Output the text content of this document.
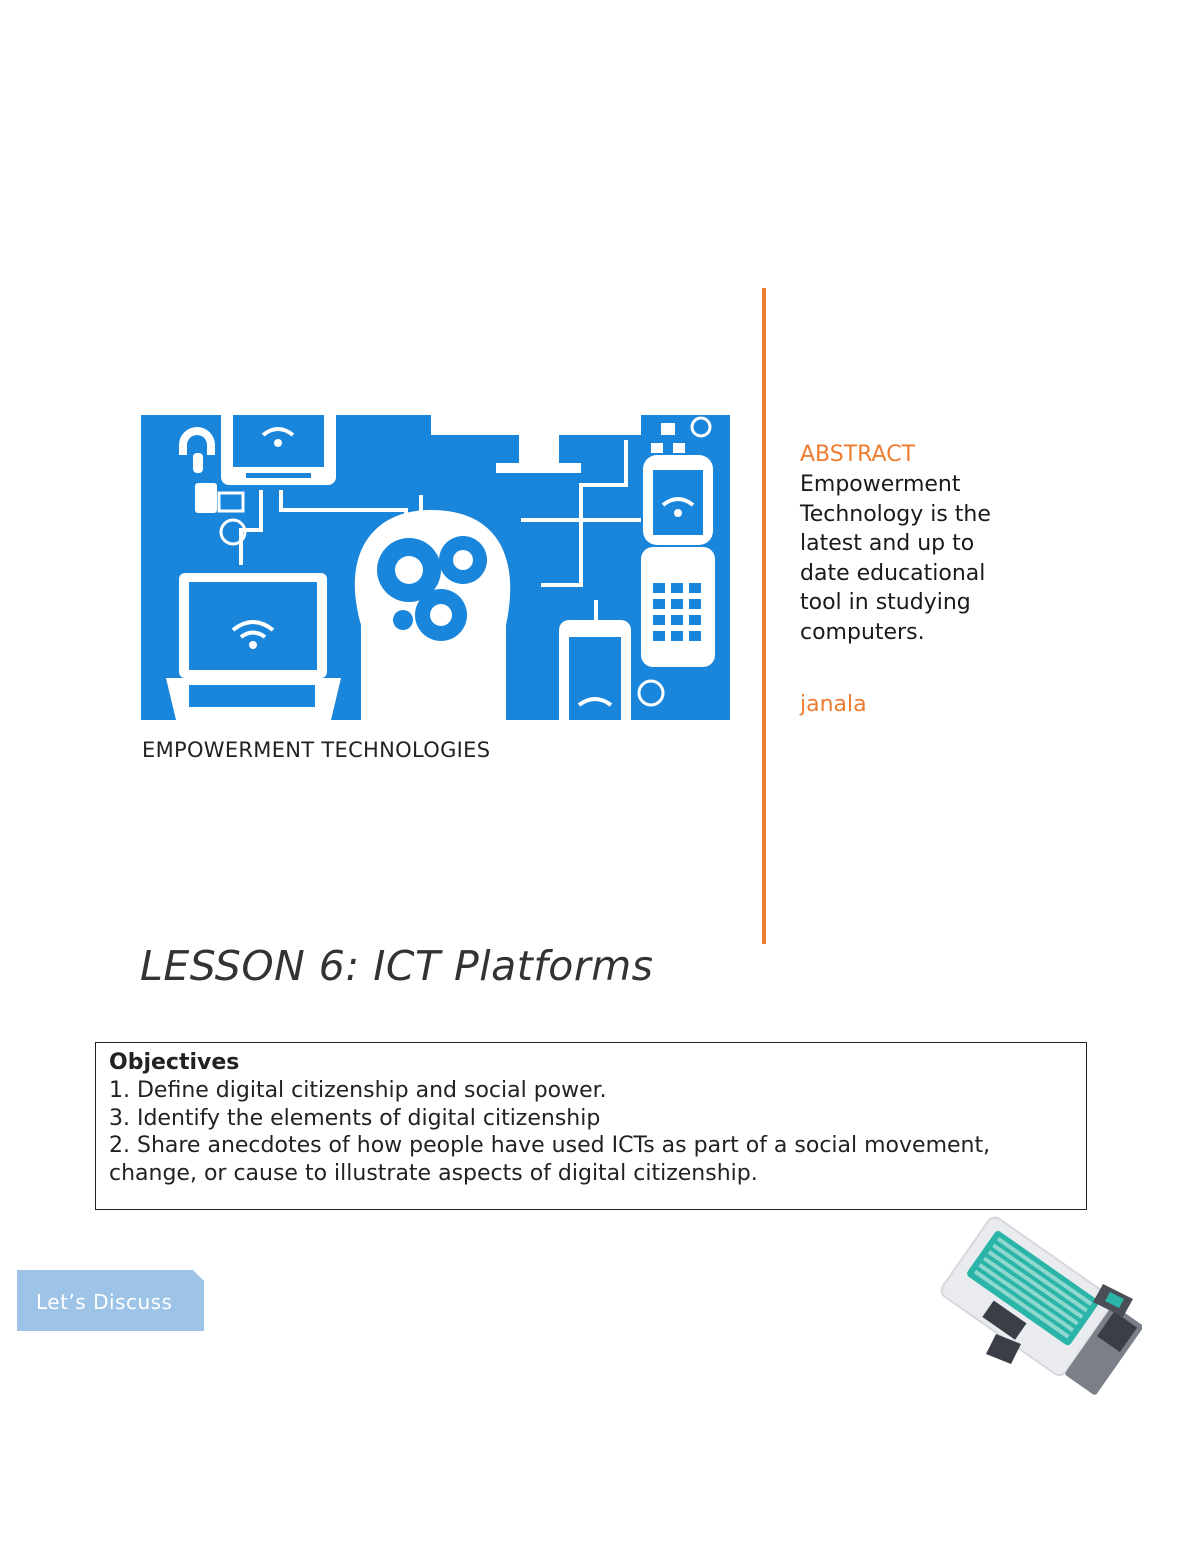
EMPOWERMENT TECHNOLOGIES
ABSTRACT
Empowerment Technology is the latest and up to date educational tool in studying computers.
janala
LESSON 6: ICT Platforms
Objectives
1. Define digital citizenship and social power.
3. Identify the elements of digital citizenship
2. Share anecdotes of how people have used ICTs as part of a social movement, change, or cause to illustrate aspects of digital citizenship.
Let’s Discuss
